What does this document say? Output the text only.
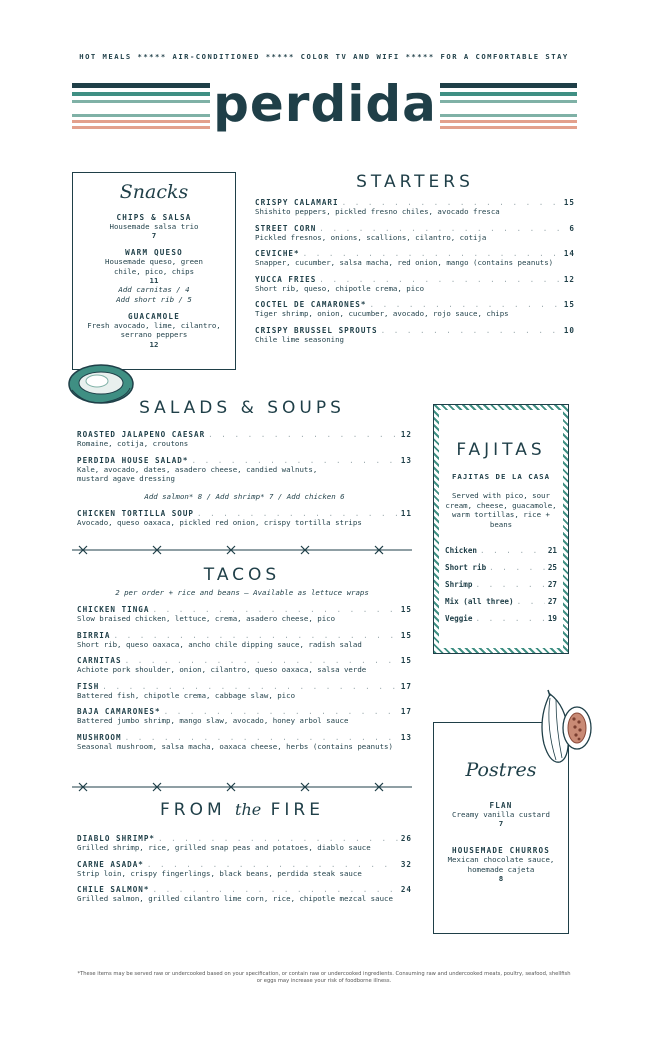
HOT MEALS ***** AIR-CONDITIONED ***** COLOR TV AND WIFI ***** FOR A COMFORTABLE STAY
perdida
Snacks
CHIPS & SALSA
Housemade salsa trio
7
WARM QUESO
Housemade queso, green chile, pico, chips
11
Add carnitas / 4
Add short rib / 5
GUACAMOLE
Fresh avocado, lime, cilantro, serrano peppers
12
STARTERS
CRISPY CALAMARI . . .	15
Shishito peppers, pickled fresno chiles, avocado fresca
STREET CORN . . .	6
Pickled fresnos, onions, scallions, cilantro, cotija
CEVICHE* . . .	14
Snapper, cucumber, salsa macha, red onion, mango (contains peanuts)
YUCCA FRIES . . .	12
Short rib, queso, chipotle crema, pico
COCTEL DE CAMARONES* . . .	15
Tiger shrimp, onion, cucumber, avocado, rojo sauce, chips
CRISPY BRUSSEL SPROUTS . . .	10
Chile lime seasoning
SALADS & SOUPS
ROASTED JALAPENO CAESAR . . .	12
Romaine, cotija, croutons
PERDIDA HOUSE SALAD* . . .	13
Kale, avocado, dates, asadero cheese, candied walnuts, mustard agave dressing
Add salmon* 8 / Add shrimp* 7 / Add chicken 6
CHICKEN TORTILLA SOUP . . .	11
Avocado, queso oaxaca, pickled red onion, crispy tortilla strips
TACOS
2 per order + rice and beans — Available as lettuce wraps
CHICKEN TINGA . . .	15
Slow braised chicken, lettuce, crema, asadero cheese, pico
BIRRIA . . .	15
Short rib, queso oaxaca, ancho chile dipping sauce, radish salad
CARNITAS . . .	15
Achiote pork shoulder, onion, cilantro, queso oaxaca, salsa verde
FISH . . .	17
Battered fish, chipotle crema, cabbage slaw, pico
BAJA CAMARONES* . . .	17
Battered jumbo shrimp, mango slaw, avocado, honey arbol sauce
MUSHROOM . . .	13
Seasonal mushroom, salsa macha, oaxaca cheese, herbs (contains peanuts)
FROM the FIRE
DIABLO SHRIMP* . . .	26
Grilled shrimp, rice, grilled snap peas and potatoes, diablo sauce
CARNE ASADA* . . .	32
Strip loin, crispy fingerlings, black beans, perdida steak sauce
CHILE SALMON* . . .	24
Grilled salmon, grilled cilantro lime corn, rice, chipotle mezcal sauce
FAJITAS
FAJITAS DE LA CASA
Served with pico, sour cream, cheese, guacamole, warm tortillas, rice + beans
Chicken . . .	21
Short rib . . .	25
Shrimp . . .	27
Mix (all three) . . .	27
Veggie . . .	19
Postres
FLAN
Creamy vanilla custard
7
HOUSEMADE CHURROS
Mexican chocolate sauce, homemade cajeta
8
*These items may be served raw or undercooked based on your specification, or contain raw or undercooked ingredients. Consuming raw and undercooked meats, poultry, seafood, shellfish or eggs may increase your risk of foodborne illness.
